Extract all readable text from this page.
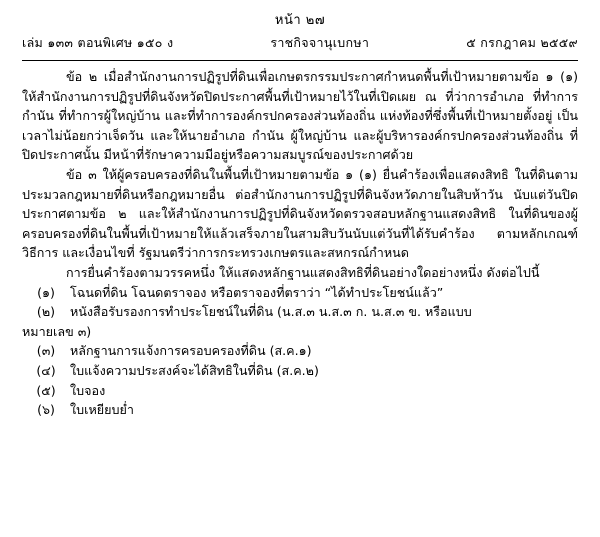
หน้า ๒๗
เล่ม ๑๓๓ ตอนพิเศษ ๑๕๐ ง	ราชกิจจานุเบกษา	๕ กรกฎาคม ๒๕๕๙

ข้อ ๒ เมื่อสำนักงานการปฏิรูปที่ดินเพื่อเกษตรกรรมประกาศกำหนดพื้นที่เป้าหมายตามข้อ ๑ (๑) ให้สำนักงานการปฏิรูปที่ดินจังหวัดปิดประกาศพื้นที่เป้าหมายไว้ในที่เปิดเผย ณ ที่ว่าการอำเภอ ที่ทำการกำนัน ที่ทำการผู้ใหญ่บ้าน และที่ทำการองค์กรปกครองส่วนท้องถิ่น แห่งท้องที่ซึ่งพื้นที่เป้าหมายตั้งอยู่ เป็นเวลาไม่น้อยกว่าเจ็ดวัน และให้นายอำเภอ กำนัน ผู้ใหญ่บ้าน และผู้บริหารองค์กรปกครองส่วนท้องถิ่น ที่ปิดประกาศนั้น มีหน้าที่รักษาความมีอยู่หรือความสมบูรณ์ของประกาศด้วย

ข้อ ๓ ให้ผู้ครอบครองที่ดินในพื้นที่เป้าหมายตามข้อ ๑ (๑) ยื่นคำร้องเพื่อแสดงสิทธิ ในที่ดินตามประมวลกฎหมายที่ดินหรือกฎหมายอื่น ต่อสำนักงานการปฏิรูปที่ดินจังหวัดภายในสิบห้าวัน นับแต่วันปิดประกาศตามข้อ ๒ และให้สำนักงานการปฏิรูปที่ดินจังหวัดตรวจสอบหลักฐานแสดงสิทธิ ในที่ดินของผู้ครอบครองที่ดินในพื้นที่เป้าหมายให้แล้วเสร็จภายในสามสิบวันนับแต่วันที่ได้รับคำร้อง ตามหลักเกณฑ์ วิธีการ และเงื่อนไขที่ รัฐมนตรีว่าการกระทรวงเกษตรและสหกรณ์กำหนด

การยื่นคำร้องตามวรรคหนึ่ง ให้แสดงหลักฐานแสดงสิทธิที่ดินอย่างใดอย่างหนึ่ง ดังต่อไปนี้

(๑)	โฉนดที่ดิน โฉนดตราจอง หรือตราจองที่ตราว่า “ได้ทำประโยชน์แล้ว”
(๒)	หนังสือรับรองการทำประโยชน์ในที่ดิน (น.ส.๓ น.ส.๓ ก. น.ส.๓ ข. หรือแบบ
หมายเลข ๓)
(๓)	หลักฐานการแจ้งการครอบครองที่ดิน (ส.ค.๑)
(๔)	ใบแจ้งความประสงค์จะได้สิทธิในที่ดิน (ส.ค.๒)
(๕)	ใบจอง
(๖)	ใบเหยียบย่ำ
